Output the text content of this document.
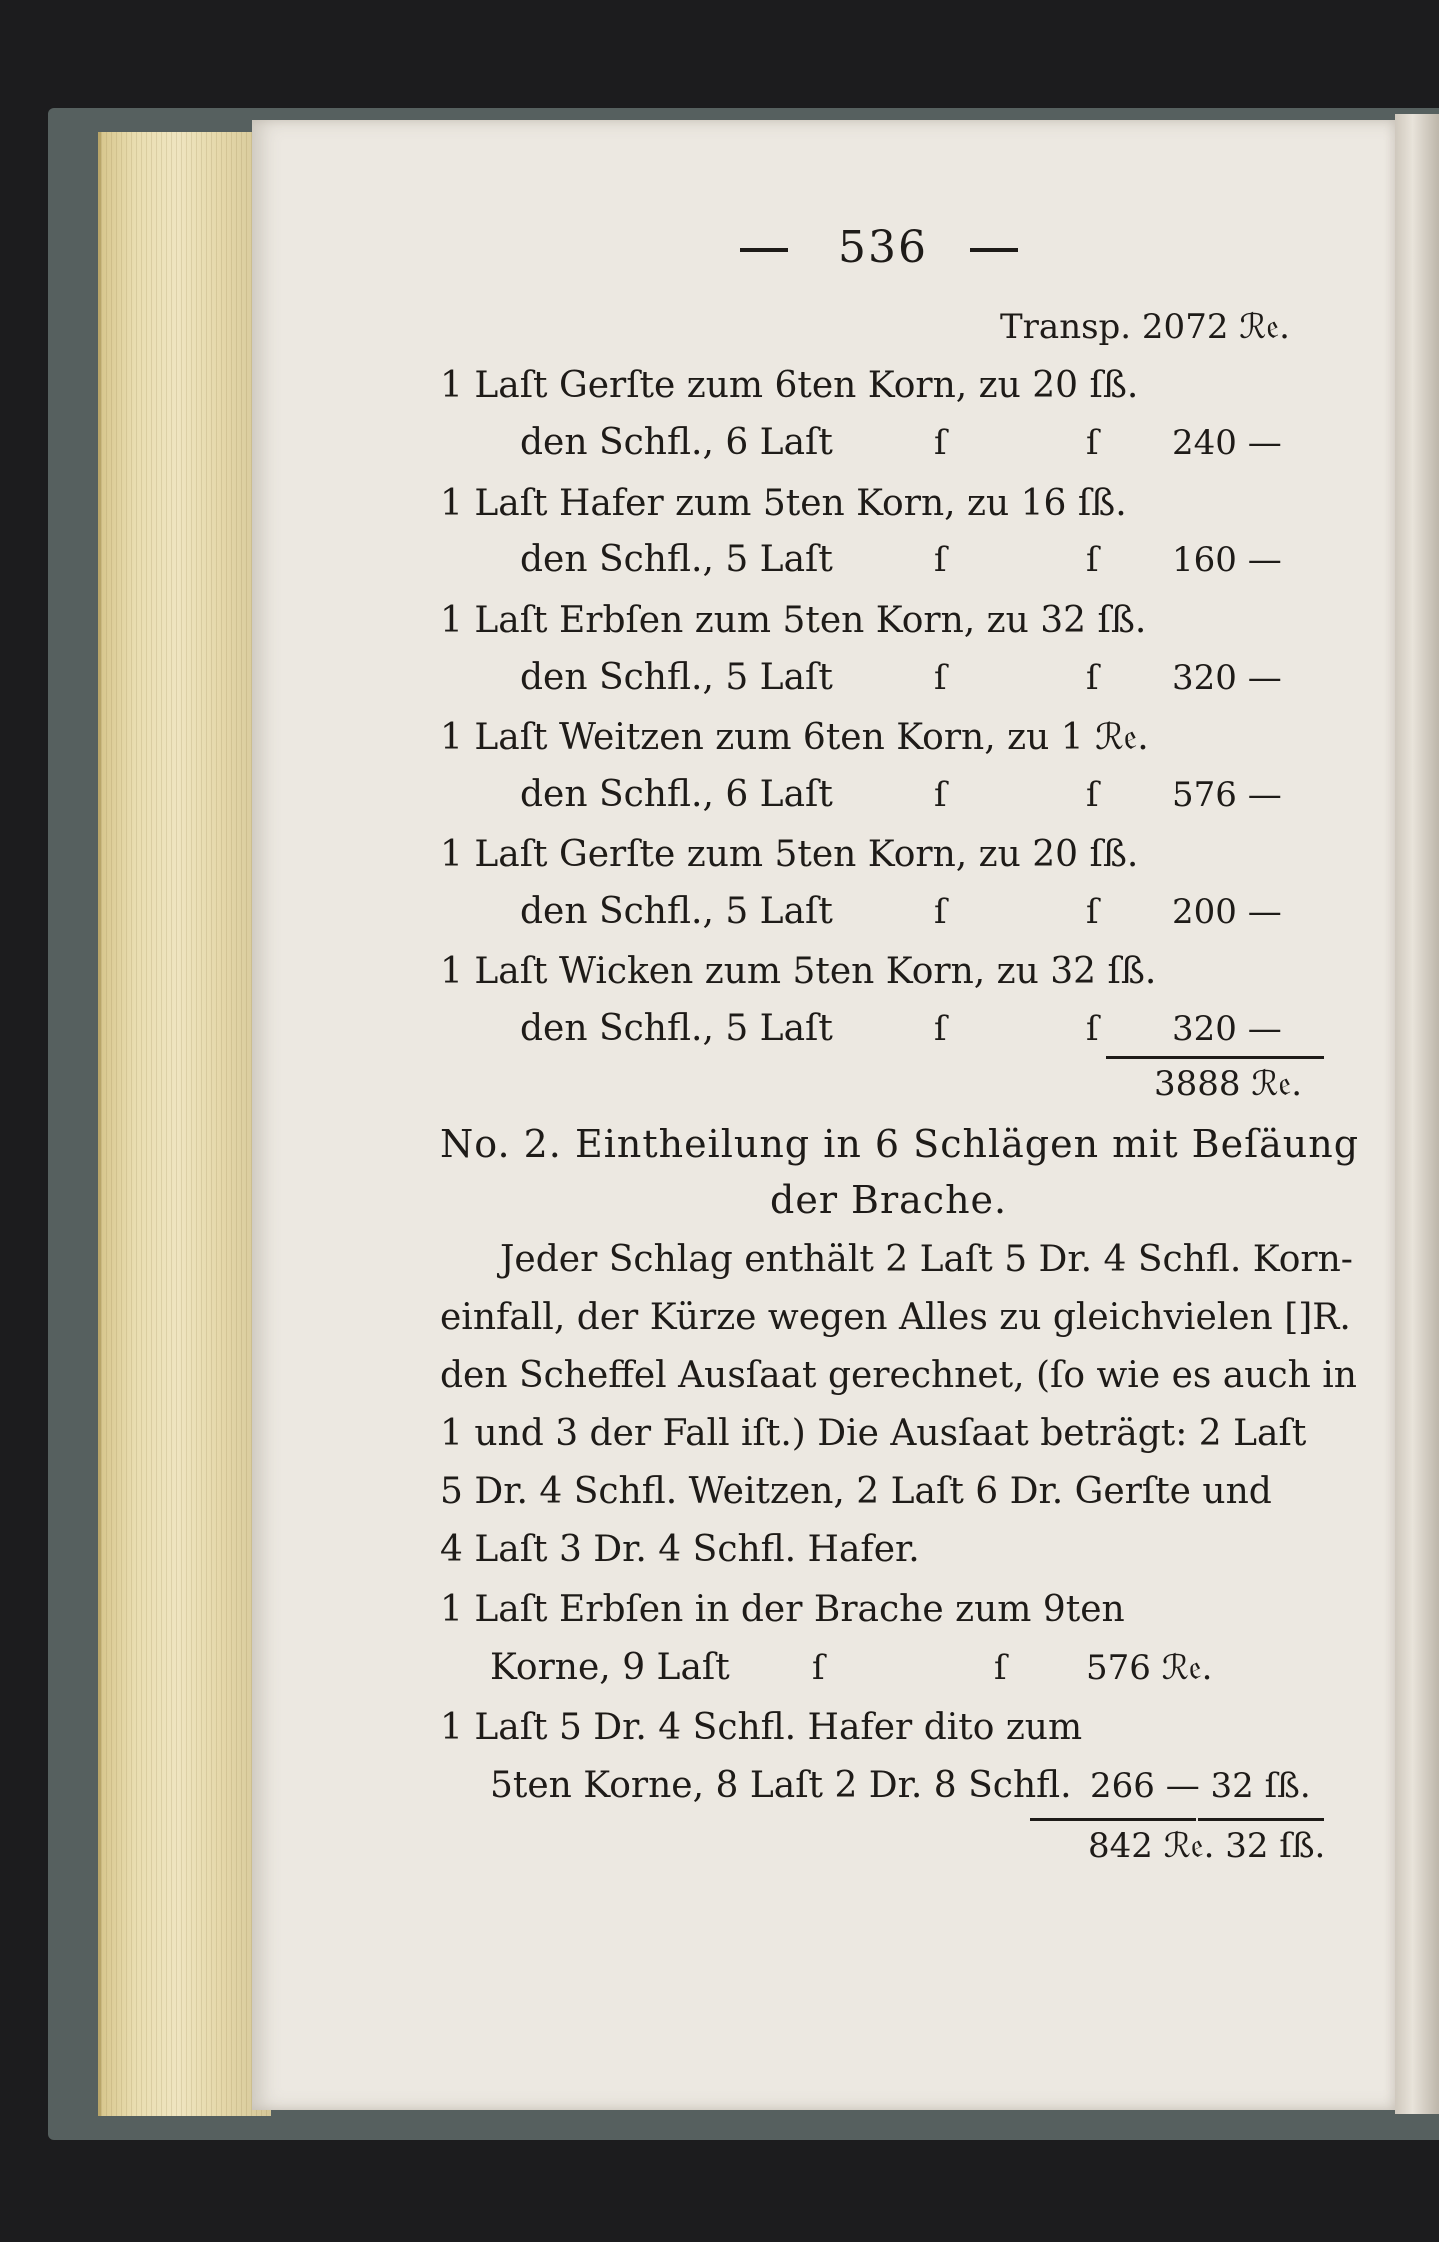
536
Transp. 2072 ℛ𝔢.
1 Laſt Gerſte zum 6ten Korn, zu 20 ſß.
den Schfl., 6 Laſt	ſ	ſ 240 —
1 Laſt Hafer zum 5ten Korn, zu 16 ſß.
den Schfl., 5 Laſt	ſ	ſ 160 —
1 Laſt Erbſen zum 5ten Korn, zu 32 ſß.
den Schfl., 5 Laſt	ſ	ſ 320 —
1 Laſt Weitzen zum 6ten Korn, zu 1 ℛ𝔢.
den Schfl., 6 Laſt	ſ	ſ 576 —
1 Laſt Gerſte zum 5ten Korn, zu 20 ſß.
den Schfl., 5 Laſt	ſ	ſ 200 —
1 Laſt Wicken zum 5ten Korn, zu 32 ſß.
den Schfl., 5 Laſt	ſ	ſ 320 —
3888 ℛ𝔢.
No. 2. Eintheilung in 6 Schlägen mit Beſäung
der Brache.
Jeder Schlag enthält 2 Laſt 5 Dr. 4 Schfl. Korn-
einfall, der Kürze wegen Alles zu gleichvielen []R.
den Scheffel Ausſaat gerechnet, (ſo wie es auch in
1 und 3 der Fall iſt.) Die Ausſaat beträgt: 2 Laſt
5 Dr. 4 Schfl. Weitzen, 2 Laſt 6 Dr. Gerſte und
4 Laſt 3 Dr. 4 Schfl. Hafer.
1 Laſt Erbſen in der Brache zum 9ten
Korne, 9 Laſt ſ	ſ 576 ℛ𝔢.
1 Laſt 5 Dr. 4 Schfl. Hafer dito zum
5ten Korne, 8 Laſt 2 Dr. 8 Schfl. 266 — 32 ſß.
842 ℛ𝔢. 32 ſß.
